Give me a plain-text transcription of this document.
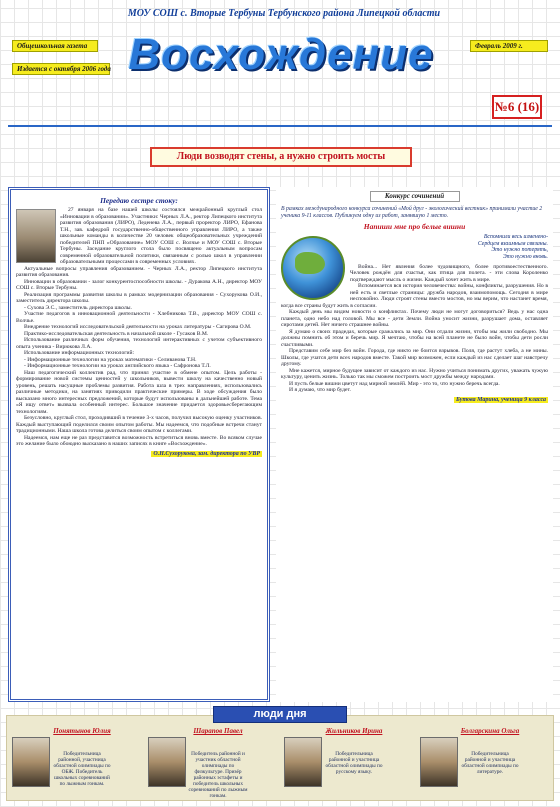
МОУ СОШ с. Вторые Тербуны Тербунского района Липецкой области
Общешкольная газета
Издается с октября 2006 года
Февраль 2009 г.
Восхождение
№6 (16)
Люди возводят стены, а нужно строить мосты
Передаю сестре стоку:

27 января на базе нашей школы состоялся межрайонный круглый стол «Инновации в образовании». Участники: Черных Л.А., ректор Липецкого института развития образования (ЛИРО), Леденева Л.А., первый проректор ЛИРО, Ефанова Т.Н., зав. кафедрой государственно-общественного управления ЛИРО, а также школьные команды в количестве 20 человек общеобразовательных учреждений победителей ПНП «Образование» МОУ СОШ с. Волчье и МОУ СОШ с. Вторые Тербуны. Заседание круглого стола было посвящено актуальным вопросам современной образовательной политики, связанным с ролью школ в управлении образовательными процессами в современных условиях.

Актуальные вопросы управления образованием. - Черных Л.А., ректор Липецкого института развития образования.

Инновации в образовании - залог конкурентоспособности школы. - Дуракова А.Н., директор МОУ СОШ с. Вторые Тербуны.

Реализация программы развития школы в рамках модернизации образования - Сухорукова О.И., заместитель директора школы.

- Сухова Э.С., заместитель директора школы.

Участие педагогов в инновационной деятельности - Хлебникова Т.В., директор МОУ СОШ с. Волчье.

Внедрение технологий исследовательской деятельности на уроках литературы - Сагирова О.М.

Практико-исследовательская деятельность в начальной школе - Гусаков В.М.

Использование различных форм обучения, технологий интерактивных с учетом субъективного опыта ученика - Вирюкова Л.А.

Использование информационных технологий:

- Информационные технологии на уроках математики - Селиванова Т.Н.

- Информационные технологии на уроках английского языка - Сафронова Т.Л.

Наш педагогический коллектив рад, что принял участие в обмене опытом. Цель работы - формирование новой системы ценностей у школьников, вывести школу на качественно новый уровень, решать насущные проблемы развития. Работа шла в трех направлениях, использовались различные методики, на занятиях приводили практические примеры. В ходе обсуждения было высказано много интересных предложений, которые будут использованы в дальнейшей работе. Тема «Я ищу ответ» вызвала особенный интерес. Большое значение придается здоровьесберегающим технологиям.

Безусловно, круглый стол, проходивший в течение 3-х часов, получил высокую оценку участников. Каждый выступающий поделился своим опытом работы. Мы надеемся, что подобные встречи станут традиционными. Наша школа готова делиться своим опытом с коллегами.

Надеемся, нам еще не раз представится возможность встретиться вновь вместе. Во всяком случае это желание было обоюдно высказано в наших записях в книге «Восхождение».

О.Н.Сухорукова, зам. директора по УВР
Конкурс сочинений
В рамках международного конкурса сочинений «Мой друг - экологический вестник» принимали участие 2 ученика 9-11 классов. Публикуем одну из работ, занявшую 1 место.
Напиши мне про белые вишни
Вспомнили весь изменено-
Сердцем взаимным связаны.
Это нужно потерять,
Это нужно вновь.

Война... Нет явления более чудовищного, более противоестественного. Человек рождён для счастья, как птица для полета. - эти слова Короленко подтверждают мысль о жизни. Каждый хочет жить в мире.

Вспоминается вся история человечества: войны, конфликты, разрушения. Но в ней есть и светлые страницы: дружба народов, взаимопомощь. Сегодня в мире неспокойно. Люди строят стены вместо мостов, но мы верим, что настанет время, когда все страны будут жить в согласии.

Каждый день мы видим новости о конфликтах. Почему люди не могут договориться? Ведь у нас одна планета, одно небо над головой. Мы все - дети Земли. Война уносит жизни, разрушает дома, оставляет сиротами детей. Нет ничего страшнее войны.

Я думаю о своих прадедах, которые сражались за мир. Они отдали жизни, чтобы мы жили свободно. Мы должны помнить об этом и беречь мир. Я мечтаю, чтобы на всей планете не было войн, чтобы дети росли счастливыми.

Представим себе мир без войн. Города, где никто не боится взрывов. Поля, где растут хлеба, а не мины. Школы, где учатся дети всех народов вместе. Такой мир возможен, если каждый из нас сделает шаг навстречу другому.

Мне кажется, мирное будущее зависит от каждого из нас. Нужно учиться понимать других, уважать чужую культуру, ценить жизнь. Только так мы сможем построить мост дружбы между народами.

И пусть белые вишни цветут над мирной землёй. Мир - это то, что нужно беречь всегда.

И я думаю, что мир будет.

Бутова Марина, ученица 9 класса
люди дня
Понятынов Юлия
Победительница районной, участница областной олимпиады по ОБЖ. Победитель школьных соревнований по лыжным гонкам.
Шарапов Павел
Победитель районной и участник областной олимпиады по физкультуре. Призёр районных эстафеты и победитель школьных соревнований по лыжным гонкам.
Жильников Ирина
Победительница районной и участница областной олимпиады по русскому языку.
Болгарскина Ольга
Победительница районной и участница областной олимпиады по литературе.
